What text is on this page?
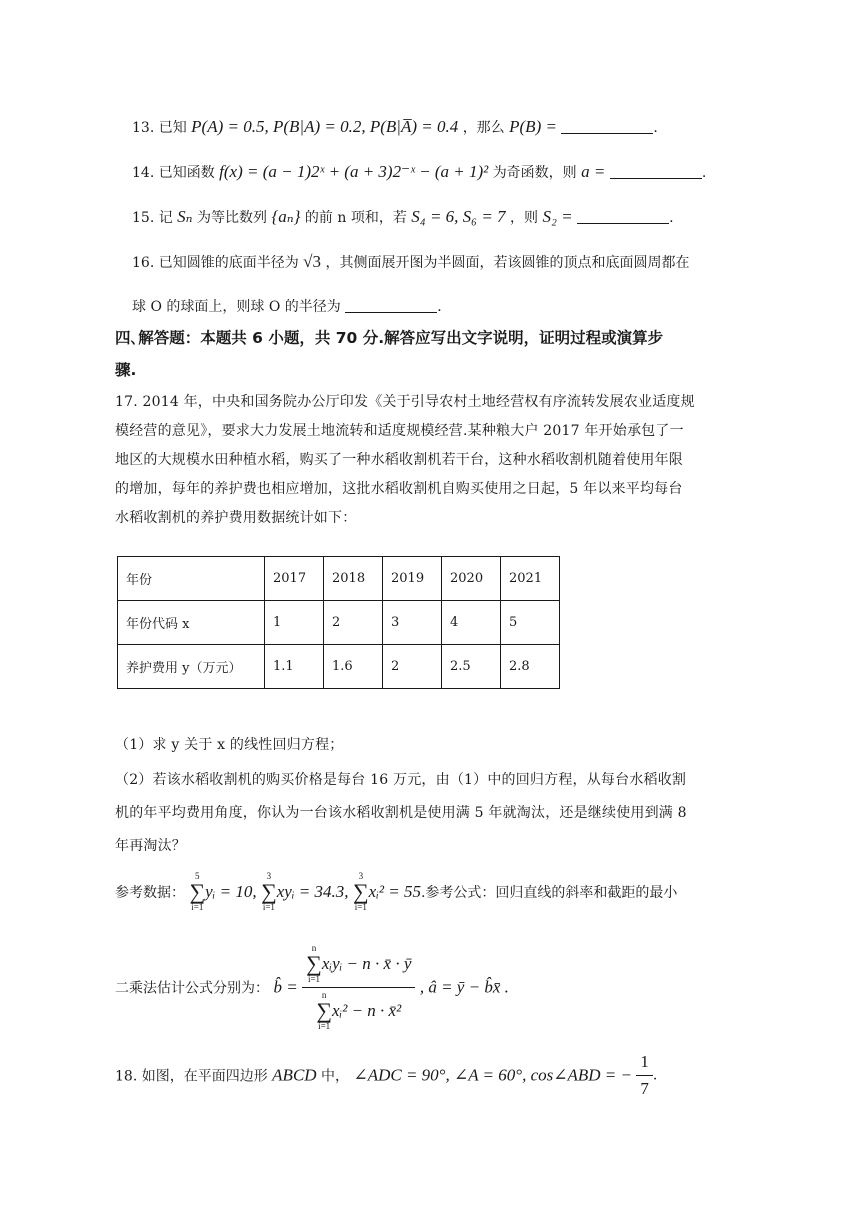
13. 已知 P(A) = 0.5, P(B|A) = 0.2, P(B|A̅) = 0.4 ，那么 P(B) =	.
14. 已知函数 f(x) = (a − 1)2ˣ + (a + 3)2⁻ˣ − (a + 1)² 为奇函数，则 a =	.
15. 记 Sₙ 为等比数列 {aₙ} 的前 n 项和，若 S₄ = 6, S₆ = 7 ，则 S₂ =	.
16. 已知圆锥的底面半径为 √3 ，其侧面展开图为半圆面，若该圆锥的顶点和底面圆周都在
球 O 的球面上，则球 O 的半径为	.
四､解答题：本题共 6 小题，共 70 分.解答应写出文字说明，证明过程或演算步
骤.
17. 2014 年，中央和国务院办公厅印发《关于引导农村土地经营权有序流转发展农业适度规
模经营的意见》，要求大力发展土地流转和适度规模经营.某种粮大户 2017 年开始承包了一
地区的大规模水田种植水稻，购买了一种水稻收割机若干台，这种水稻收割机随着使用年限
的增加，每年的养护费也相应增加，这批水稻收割机自购买使用之日起，5 年以来平均每台
水稻收割机的养护费用数据统计如下：
年份	2017	2018	2019	2020	2021
年份代码 x	1	2	3	4	5
养护费用 y（万元）	1.1	1.6	2	2.5	2.8
（1）求 y 关于 x 的线性回归方程；
（2）若该水稻收割机的购买价格是每台 16 万元，由（1）中的回归方程，从每台水稻收割
机的年平均费用角度，你认为一台该水稻收割机是使用满 5 年就淘汰，还是继续使用到满 8
年再淘汰？
参考数据：
5
∑
i=1
yᵢ = 10,
3
∑
i=1
xyᵢ = 34.3,
3
∑
i=1
xᵢ² = 55.参考公式：回归直线的斜率和截距的最小
二乘法估计公式分别为： b̂ = n
∑
i=1
xᵢyᵢ − n · x̄ · ȳ
n
∑
i=1
xᵢ² − n · x̄² , â = ȳ − b̂x̄ .
18. 如图，在平面四边形 ABCD 中， ∠ADC = 90°, ∠A = 60°, cos∠ABD = − $\frac{1}{7}$ .
